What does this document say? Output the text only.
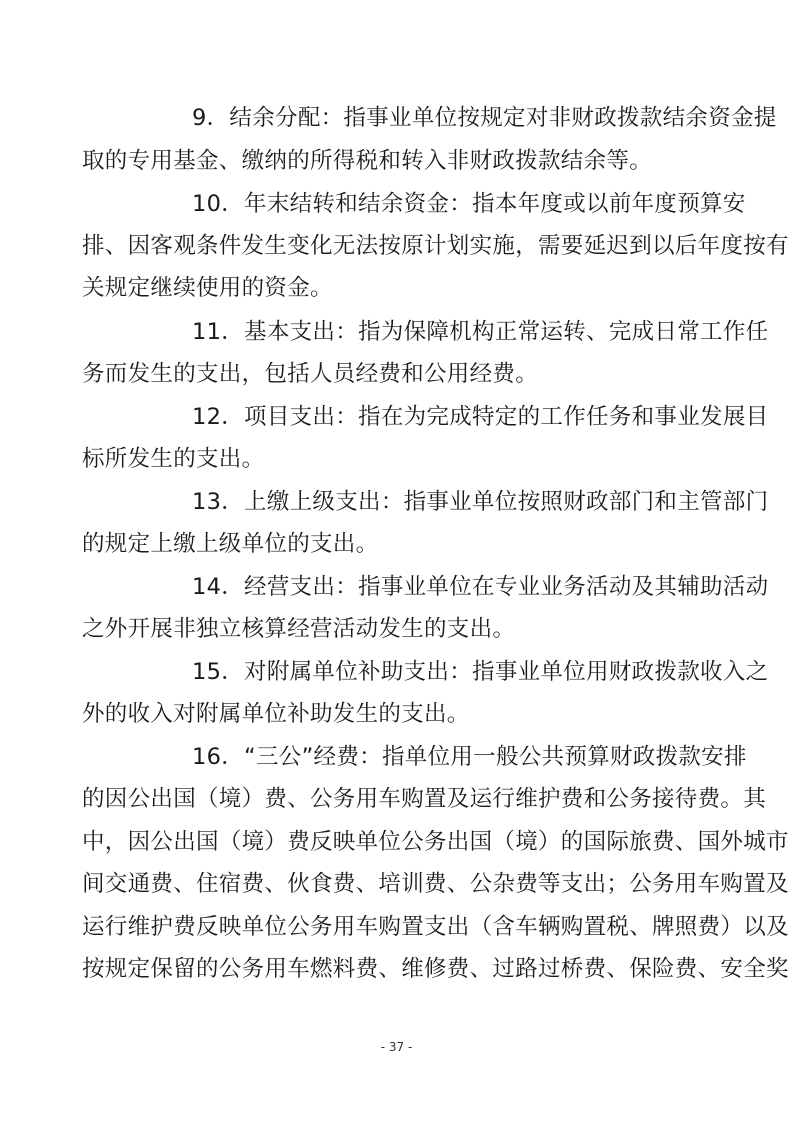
9．结余分配：指事业单位按规定对非财政拨款结余资金提
取的专用基金、缴纳的所得税和转入非财政拨款结余等。
10．年末结转和结余资金：指本年度或以前年度预算安
排、因客观条件发生变化无法按原计划实施，需要延迟到以后年度按有
关规定继续使用的资金。
11．基本支出：指为保障机构正常运转、完成日常工作任
务而发生的支出，包括人员经费和公用经费。
12．项目支出：指在为完成特定的工作任务和事业发展目
标所发生的支出。
13．上缴上级支出：指事业单位按照财政部门和主管部门
的规定上缴上级单位的支出。
14．经营支出：指事业单位在专业业务活动及其辅助活动
之外开展非独立核算经营活动发生的支出。
15．对附属单位补助支出：指事业单位用财政拨款收入之
外的收入对附属单位补助发生的支出。
16．“三公”经费：指单位用一般公共预算财政拨款安排
的因公出国（境）费、公务用车购置及运行维护费和公务接待费。其
中，因公出国（境）费反映单位公务出国（境）的国际旅费、国外城市
间交通费、住宿费、伙食费、培训费、公杂费等支出；公务用车购置及
运行维护费反映单位公务用车购置支出（含车辆购置税、牌照费）以及
按规定保留的公务用车燃料费、维修费、过路过桥费、保险费、安全奖
- 37 -
